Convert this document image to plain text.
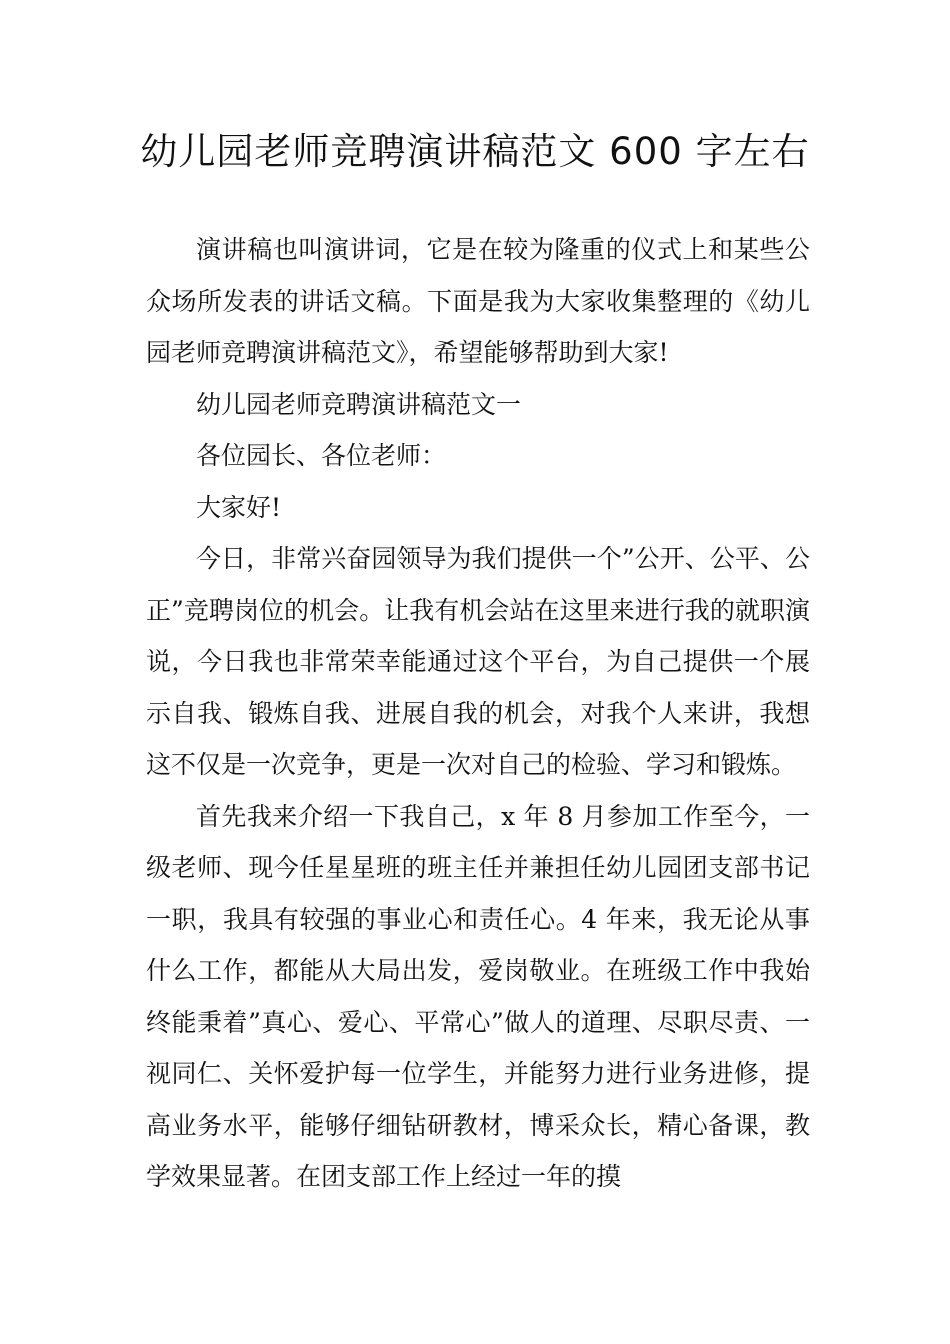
幼儿园老师竞聘演讲稿范文 600 字左右

演讲稿也叫演讲词，它是在较为隆重的仪式上和某些公众场所发表的讲话文稿。下面是我为大家收集整理的《幼儿园老师竞聘演讲稿范文》，希望能够帮助到大家!

幼儿园老师竞聘演讲稿范文一

各位园长、各位老师：

大家好!

今日，非常兴奋园领导为我们提供一个”公开、公平、公正”竞聘岗位的机会。让我有机会站在这里来进行我的就职演说，今日我也非常荣幸能通过这个平台，为自己提供一个展示自我、锻炼自我、进展自我的机会，对我个人来讲，我想这不仅是一次竞争，更是一次对自己的检验、学习和锻炼。

首先我来介绍一下我自己，x 年 8 月参加工作至今，一级老师、现今任星星班的班主任并兼担任幼儿园团支部书记一职，我具有较强的事业心和责任心。4 年来，我无论从事什么工作，都能从大局出发，爱岗敬业。在班级工作中我始终能秉着”真心、爱心、平常心”做人的道理、尽职尽责、一视同仁、关怀爱护每一位学生，并能努力进行业务进修，提高业务水平，能够仔细钻研教材，博采众长，精心备课，教学效果显著。在团支部工作上经过一年的摸
